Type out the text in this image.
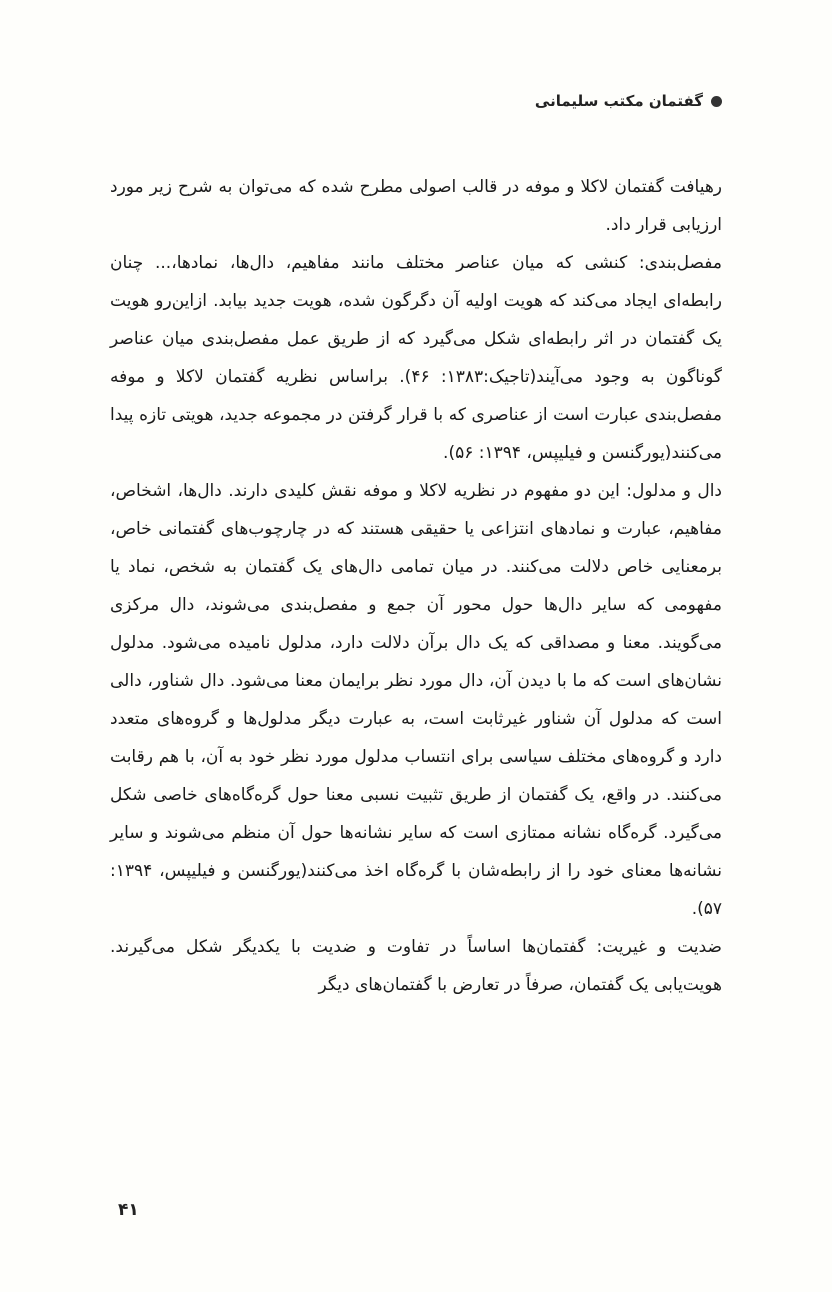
گفتمان مکتب سلیمانی

رهیافت گفتمان لاکلا و موفه در قالب اصولی مطرح شده که می‌توان به شرح زیر مورد ارزیابی قرار داد.

مفصل‌بندی: کنشی که میان عناصر مختلف مانند مفاهیم، دال‌ها، نمادها،... چنان رابطه‌ای ایجاد می‌کند که هویت اولیه آن دگرگون شده، هویت جدید بیابد. ازاین‌رو هویت یک گفتمان در اثر رابطه‌ای شکل می‌گیرد که از طریق عمل مفصل‌بندی میان عناصر گوناگون به وجود می‌آیند(تاجیک:۱۳۸۳: ۴۶). براساس نظریه گفتمان لاکلا و موفه مفصل‌بندی عبارت است از عناصری که با قرار گرفتن در مجموعه جدید، هویتی تازه پیدا می‌کنند(یورگنسن و فیلیپس، ۱۳۹۴: ۵۶).

دال و مدلول: این دو مفهوم در نظریه لاکلا و موفه نقش کلیدی دارند. دال‌ها، اشخاص، مفاهیم، عبارت و نمادهای انتزاعی یا حقیقی هستند که در چارچوب‌های گفتمانی خاص، برمعنایی خاص دلالت می‌کنند. در میان تمامی دال‌های یک گفتمان به شخص، نماد یا مفهومی که سایر دال‌ها حول محور آن جمع و مفصل‌بندی می‌شوند، دال مرکزی می‌گویند. معنا و مصداقی که یک دال برآن دلالت دارد، مدلول نامیده می‌شود. مدلول نشان‌های است که ما با دیدن آن، دال مورد نظر برایمان معنا می‌شود. دال شناور، دالی است که مدلول آن شناور غیرثابت است، به عبارت دیگر مدلول‌ها و گروه‌های متعدد دارد و گروه‌های مختلف سیاسی برای انتساب مدلول مورد نظر خود به آن، با هم رقابت می‌کنند. در واقع، یک گفتمان از طریق تثبیت نسبی معنا حول گره‌گاه‌های خاصی شکل می‌گیرد. گره‌گاه نشانه ممتازی است که سایر نشانه‌ها حول آن منظم می‌شوند و سایر نشانه‌ها معنای خود را از رابطه‌شان با گره‌گاه اخذ می‌کنند(یورگنسن و فیلیپس، ۱۳۹۴: ۵۷).

ضدیت و غیریت: گفتمان‌ها اساساً در تفاوت و ضدیت با یکدیگر شکل می‌گیرند. هویت‌یابی یک گفتمان، صرفاً در تعارض با گفتمان‌های دیگر

۴۱
